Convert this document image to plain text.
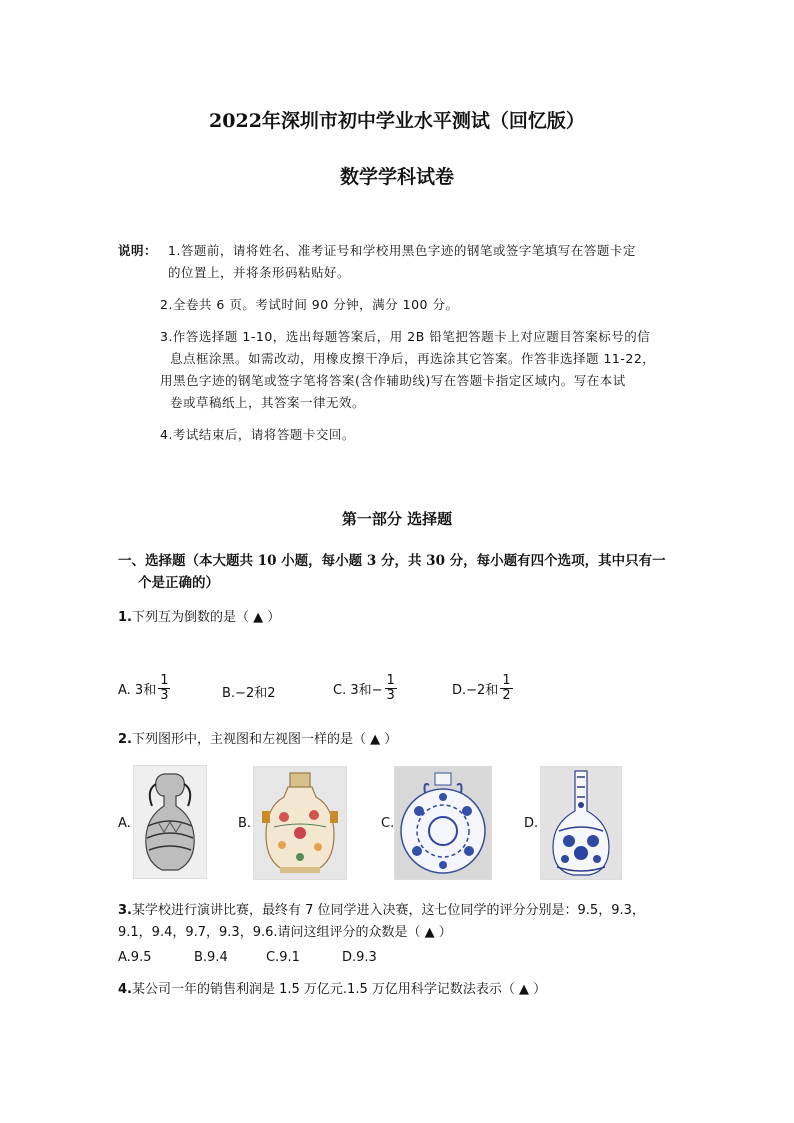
2022年深圳市初中学业水平测试（回忆版）
数学学科试卷
说明： 1.答题前，请将姓名、准考证号和学校用黑色字迹的钢笔或签字笔填写在答题卡定
的位置上，并将条形码粘贴好。
2.全卷共 6 页。考试时间 90 分钟，满分 100 分。
3.作答选择题 1-10，选出每题答案后，用 2B 铅笔把答题卡上对应题目答案标号的信
息点框涂黑。如需改动，用橡皮擦干净后，再选涂其它答案。作答非选择题 11-22，
用黑色字迹的钢笔或签字笔将答案(含作辅助线)写在答题卡指定区域内。写在本试
卷或草稿纸上，其答案一律无效。
4.考试结束后，请将答题卡交回。
第一部分 选择题
一、选择题（本大题共 10 小题，每小题 3 分，共 30 分，每小题有四个选项，其中只有一
个是正确的）
1.下列互为倒数的是（ ▲ ）
A. 3和 $\frac{1}{3}$	B.−2和2	C. 3和− $\frac{1}{3}$	D.−2和 $\frac{1}{2}$
2.下列图形中，主视图和左视图一样的是（ ▲ ）
A.	B.	C.	D.
3.某学校进行演讲比赛，最终有 7 位同学进入决赛，这七位同学的评分分别是：9.5，9.3，
9.1，9.4，9.7，9.3，9.6.请问这组评分的众数是（ ▲ ）
A.9.5	B.9.4	C.9.1	D.9.3
4.某公司一年的销售利润是 1.5 万亿元.1.5 万亿用科学记数法表示（ ▲ ）
